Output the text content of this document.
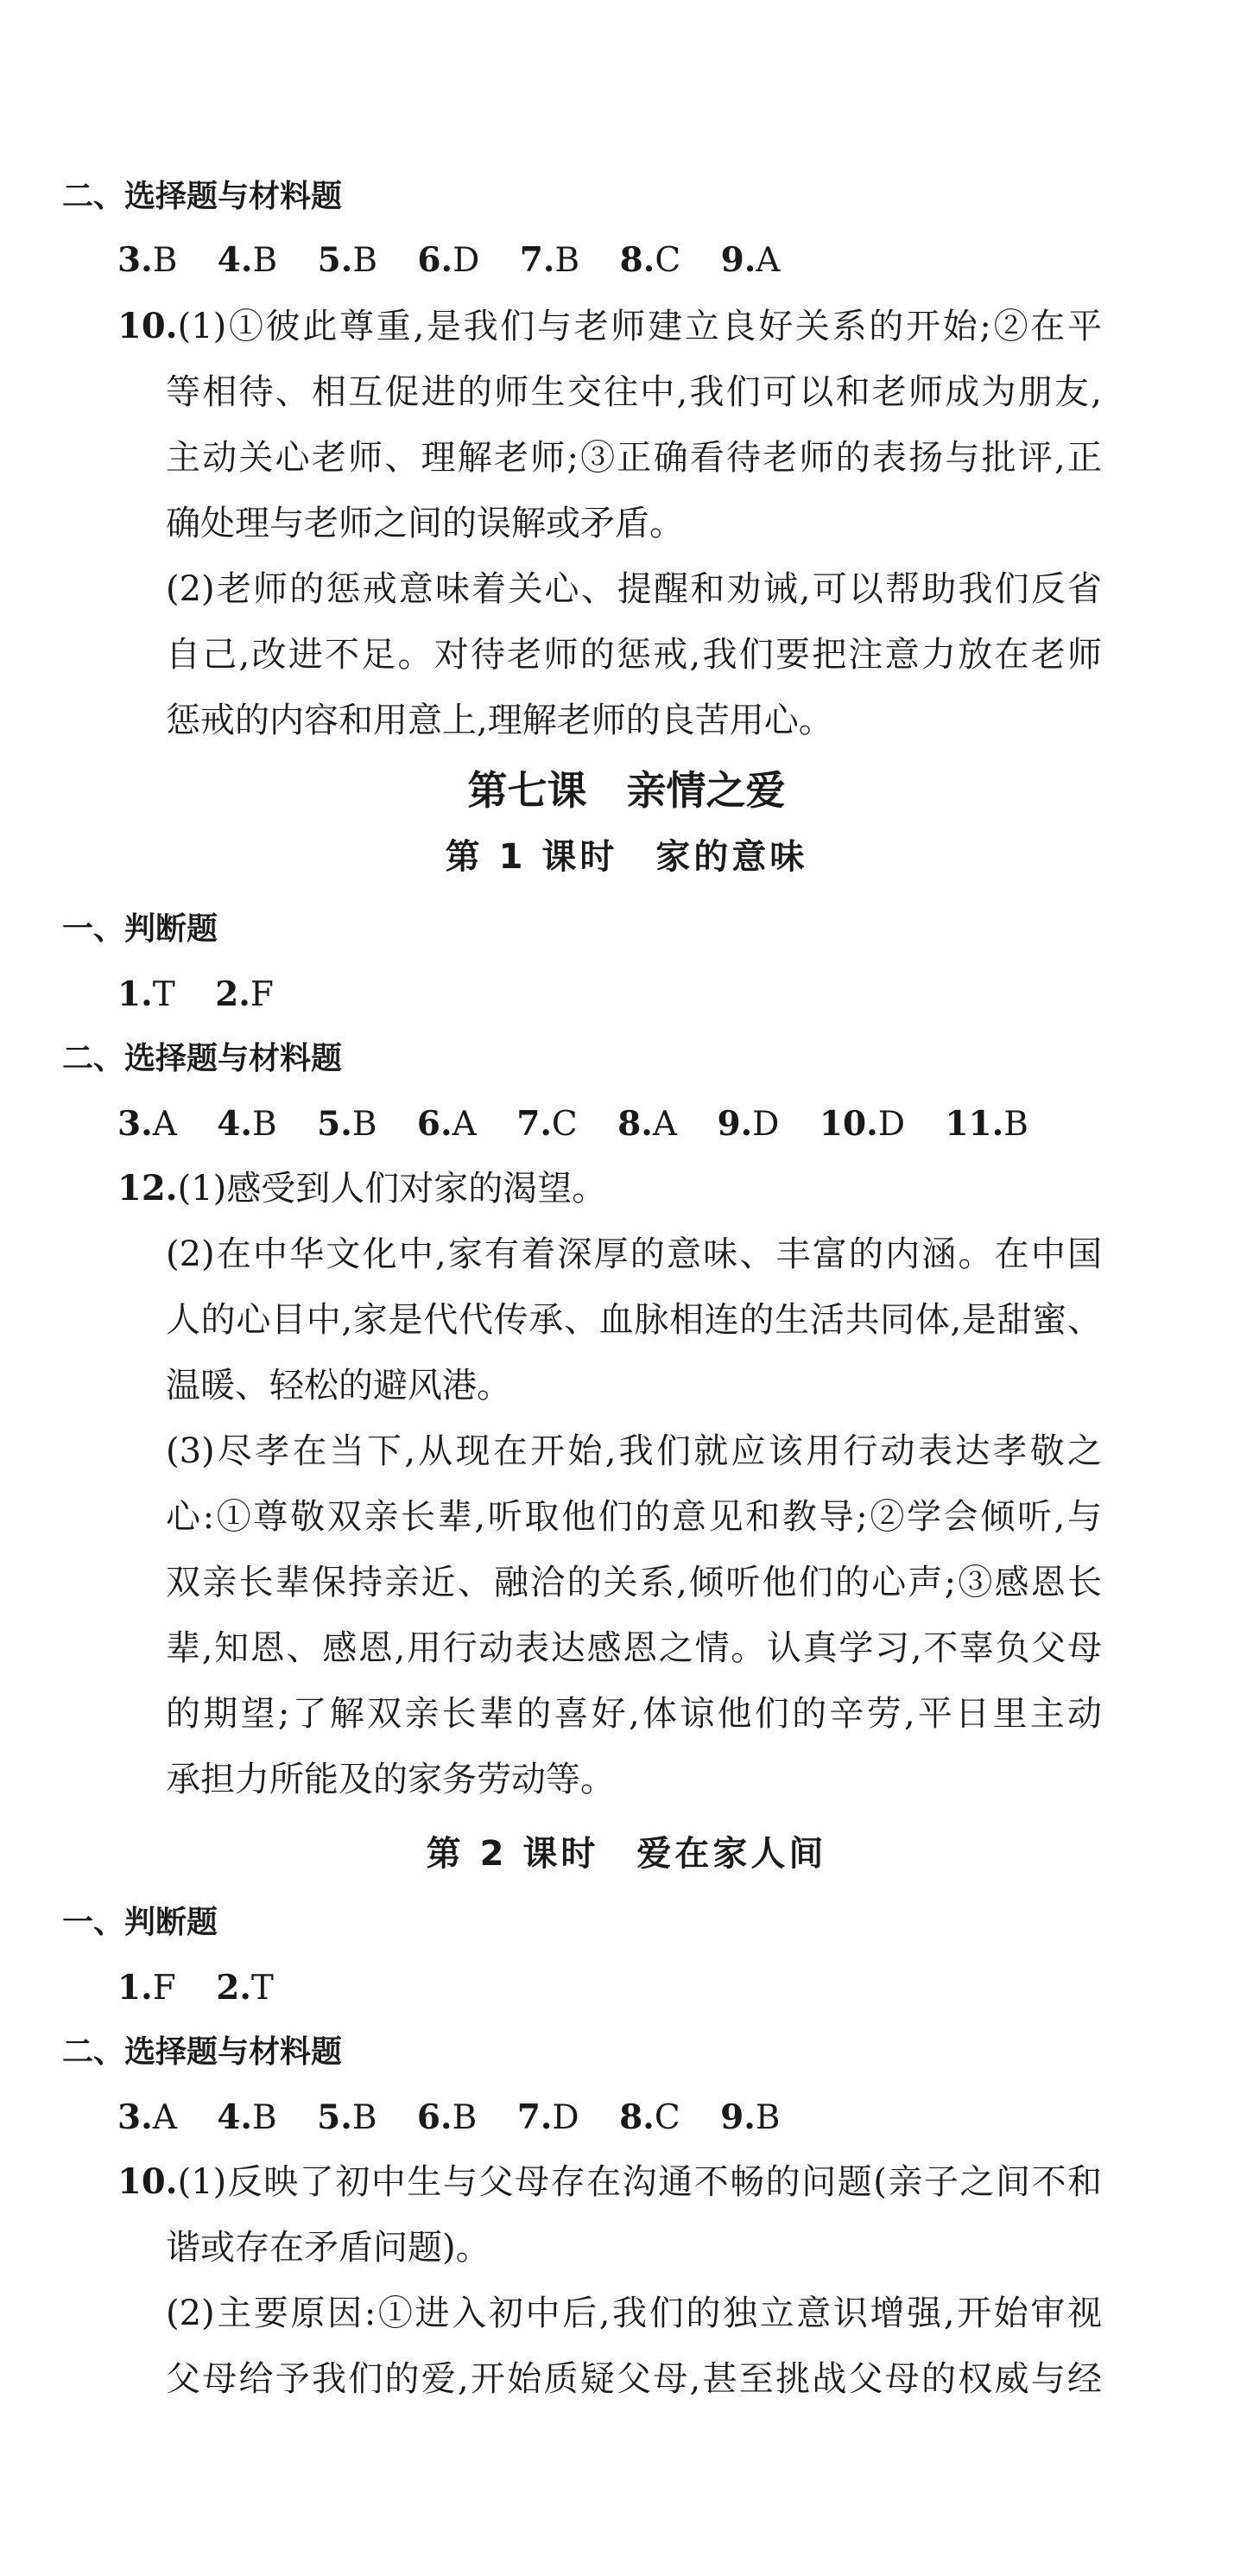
二、选择题与材料题
3.B 4.B 5.B 6.D 7.B 8.C 9.A
10.(1)①彼此尊重,是我们与老师建立良好关系的开始;②在平
等相待、相互促进的师生交往中,我们可以和老师成为朋友,
主动关心老师、理解老师;③正确看待老师的表扬与批评,正
确处理与老师之间的误解或矛盾。
(2)老师的惩戒意味着关心、提醒和劝诫,可以帮助我们反省
自己,改进不足。对待老师的惩戒,我们要把注意力放在老师
惩戒的内容和用意上,理解老师的良苦用心。
第七课　亲情之爱
第 1 课时　家的意味
一、判断题
1.T 2.F
二、选择题与材料题
3.A 4.B 5.B 6.A 7.C 8.A 9.D 10.D 11.B
12.(1)感受到人们对家的渴望。
(2)在中华文化中,家有着深厚的意味、丰富的内涵。在中国
人的心目中,家是代代传承、血脉相连的生活共同体,是甜蜜、
温暖、轻松的避风港。
(3)尽孝在当下,从现在开始,我们就应该用行动表达孝敬之
心:①尊敬双亲长辈,听取他们的意见和教导;②学会倾听,与
双亲长辈保持亲近、融洽的关系,倾听他们的心声;③感恩长
辈,知恩、感恩,用行动表达感恩之情。认真学习,不辜负父母
的期望;了解双亲长辈的喜好,体谅他们的辛劳,平日里主动
承担力所能及的家务劳动等。
第 2 课时　爱在家人间
一、判断题
1.F 2.T
二、选择题与材料题
3.A 4.B 5.B 6.B 7.D 8.C 9.B
10.(1)反映了初中生与父母存在沟通不畅的问题(亲子之间不和
谐或存在矛盾问题)。
(2)主要原因:①进入初中后,我们的独立意识增强,开始审视
父母给予我们的爱,开始质疑父母,甚至挑战父母的权威与经
